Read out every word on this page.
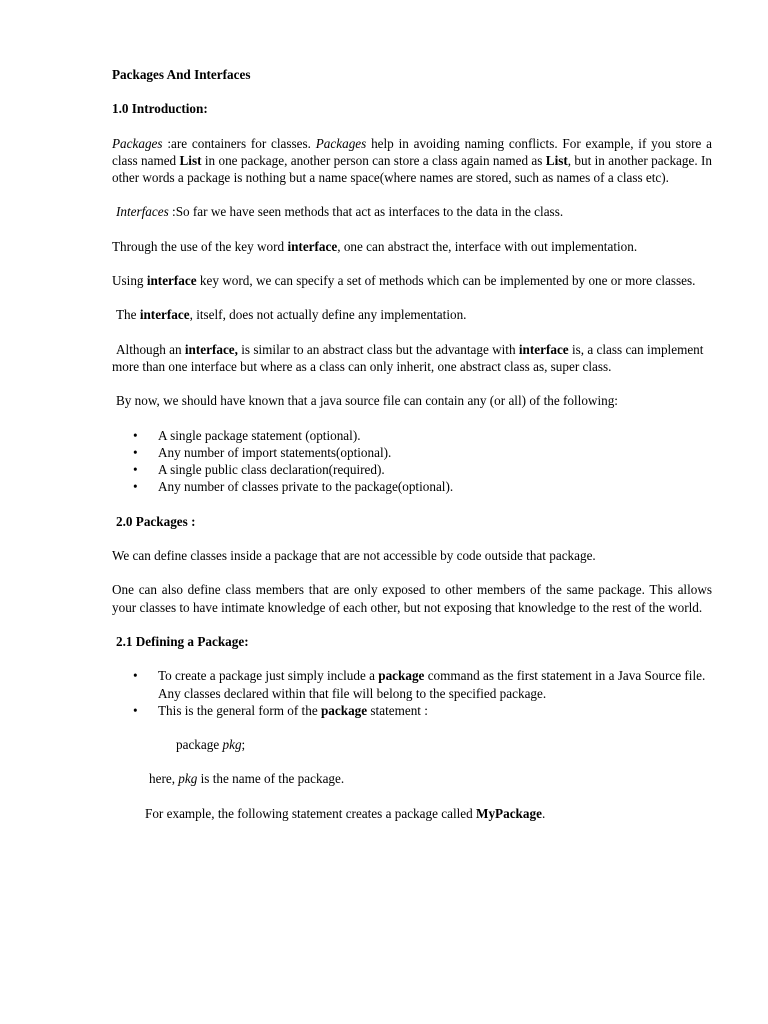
Packages And Interfaces

1.0 Introduction:

Packages :are containers for classes. Packages help in avoiding naming conflicts. For example, if you store a class named List in one package, another person can store a class again named as List, but in another package. In other words a package is nothing but a name space(where names are stored, such as names of a class etc).

Interfaces :So far we have seen methods that act as interfaces to the data in the class.

Through the use of the key word interface, one can abstract the, interface with out implementation.

Using interface key word, we can specify a set of methods which can be implemented by one or more classes.

The interface, itself, does not actually define any implementation.

Although an interface, is similar to an abstract class but the advantage with interface is, a class can implement more than one interface but where as a class can only inherit, one abstract class as, super class.

By now, we should have known that a java source file can contain any (or all) of the following:

• A single package statement (optional).
• Any number of import statements(optional).
• A single public class declaration(required).
• Any number of classes private to the package(optional).

2.0 Packages :

We can define classes inside a package that are not accessible by code outside that package.

One can also define class members that are only exposed to other members of the same package. This allows your classes to have intimate knowledge of each other, but not exposing that knowledge to the rest of the world.

2.1 Defining a Package:

• To create a package just simply include a package command as the first statement in a Java Source file. Any classes declared within that file will belong to the specified package.
• This is the general form of the package statement :

package pkg;

here, pkg is the name of the package.

For example, the following statement creates a package called MyPackage.
